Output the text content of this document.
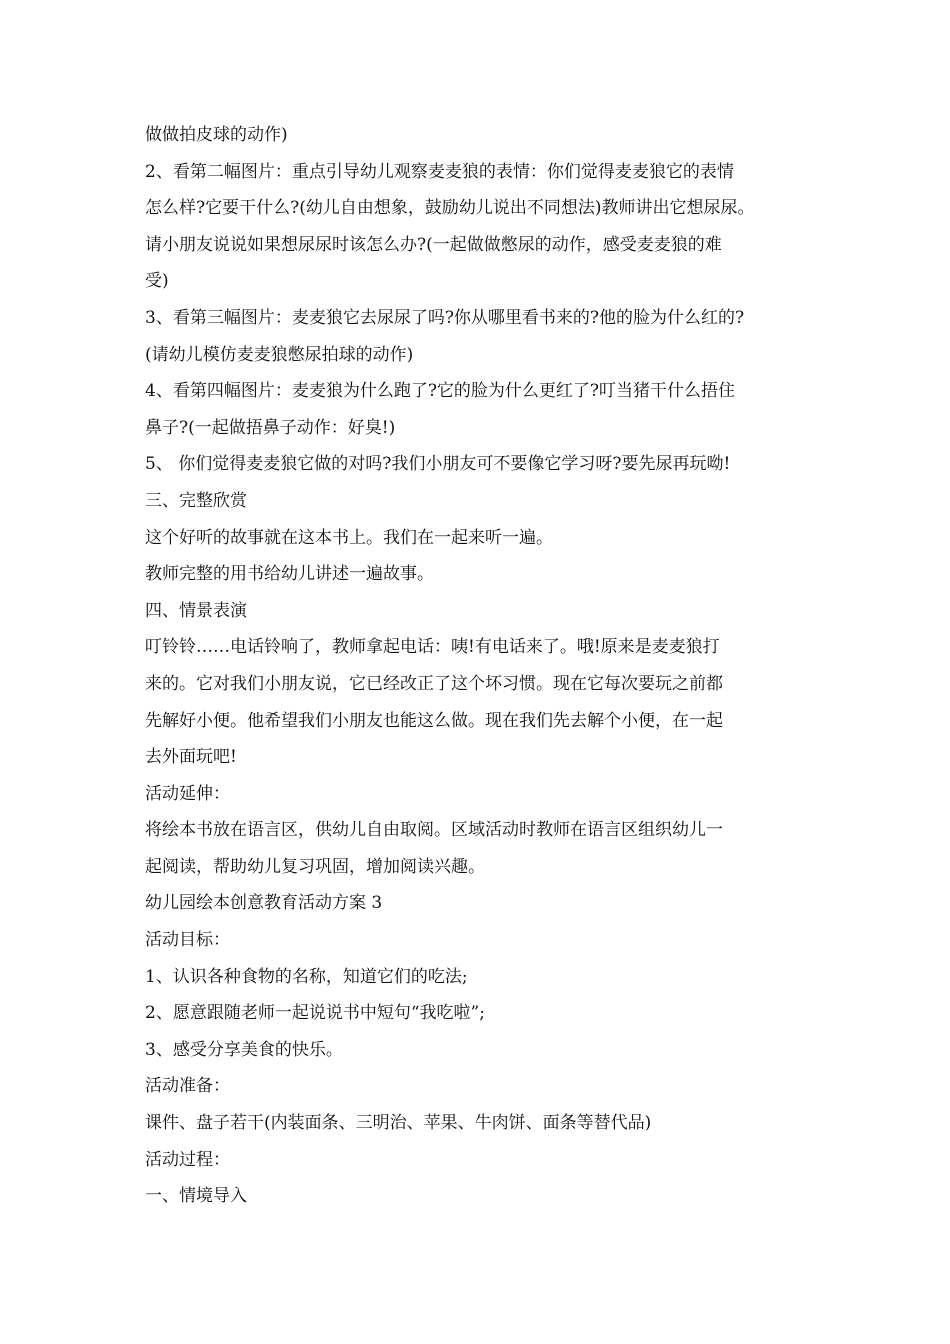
做做拍皮球的动作)

2、看第二幅图片：重点引导幼儿观察麦麦狼的表情：你们觉得麦麦狼它的表情

怎么样?它要干什么?(幼儿自由想象，鼓励幼儿说出不同想法)教师讲出它想尿尿。

请小朋友说说如果想尿尿时该怎么办?(一起做做憋尿的动作，感受麦麦狼的难

受)

3、看第三幅图片：麦麦狼它去尿尿了吗?你从哪里看书来的?他的脸为什么红的?

(请幼儿模仿麦麦狼憋尿拍球的动作)

4、看第四幅图片：麦麦狼为什么跑了?它的脸为什么更红了?叮当猪干什么捂住

鼻子?(一起做捂鼻子动作：好臭!)

5、 你们觉得麦麦狼它做的对吗?我们小朋友可不要像它学习呀?要先尿再玩呦!

三、完整欣赏

这个好听的故事就在这本书上。我们在一起来听一遍。

教师完整的用书给幼儿讲述一遍故事。

四、情景表演

叮铃铃……电话铃响了，教师拿起电话：咦!有电话来了。哦!原来是麦麦狼打

来的。它对我们小朋友说，它已经改正了这个坏习惯。现在它每次要玩之前都

先解好小便。他希望我们小朋友也能这么做。现在我们先去解个小便，在一起

去外面玩吧!

活动延伸：

将绘本书放在语言区，供幼儿自由取阅。区域活动时教师在语言区组织幼儿一

起阅读，帮助幼儿复习巩固，增加阅读兴趣。

幼儿园绘本创意教育活动方案 3

活动目标：

1、认识各种食物的名称，知道它们的吃法;

2、愿意跟随老师一起说说书中短句“我吃啦”;

3、感受分享美食的快乐。

活动准备：

课件、盘子若干(内装面条、三明治、苹果、牛肉饼、面条等替代品)

活动过程：

一、情境导入
